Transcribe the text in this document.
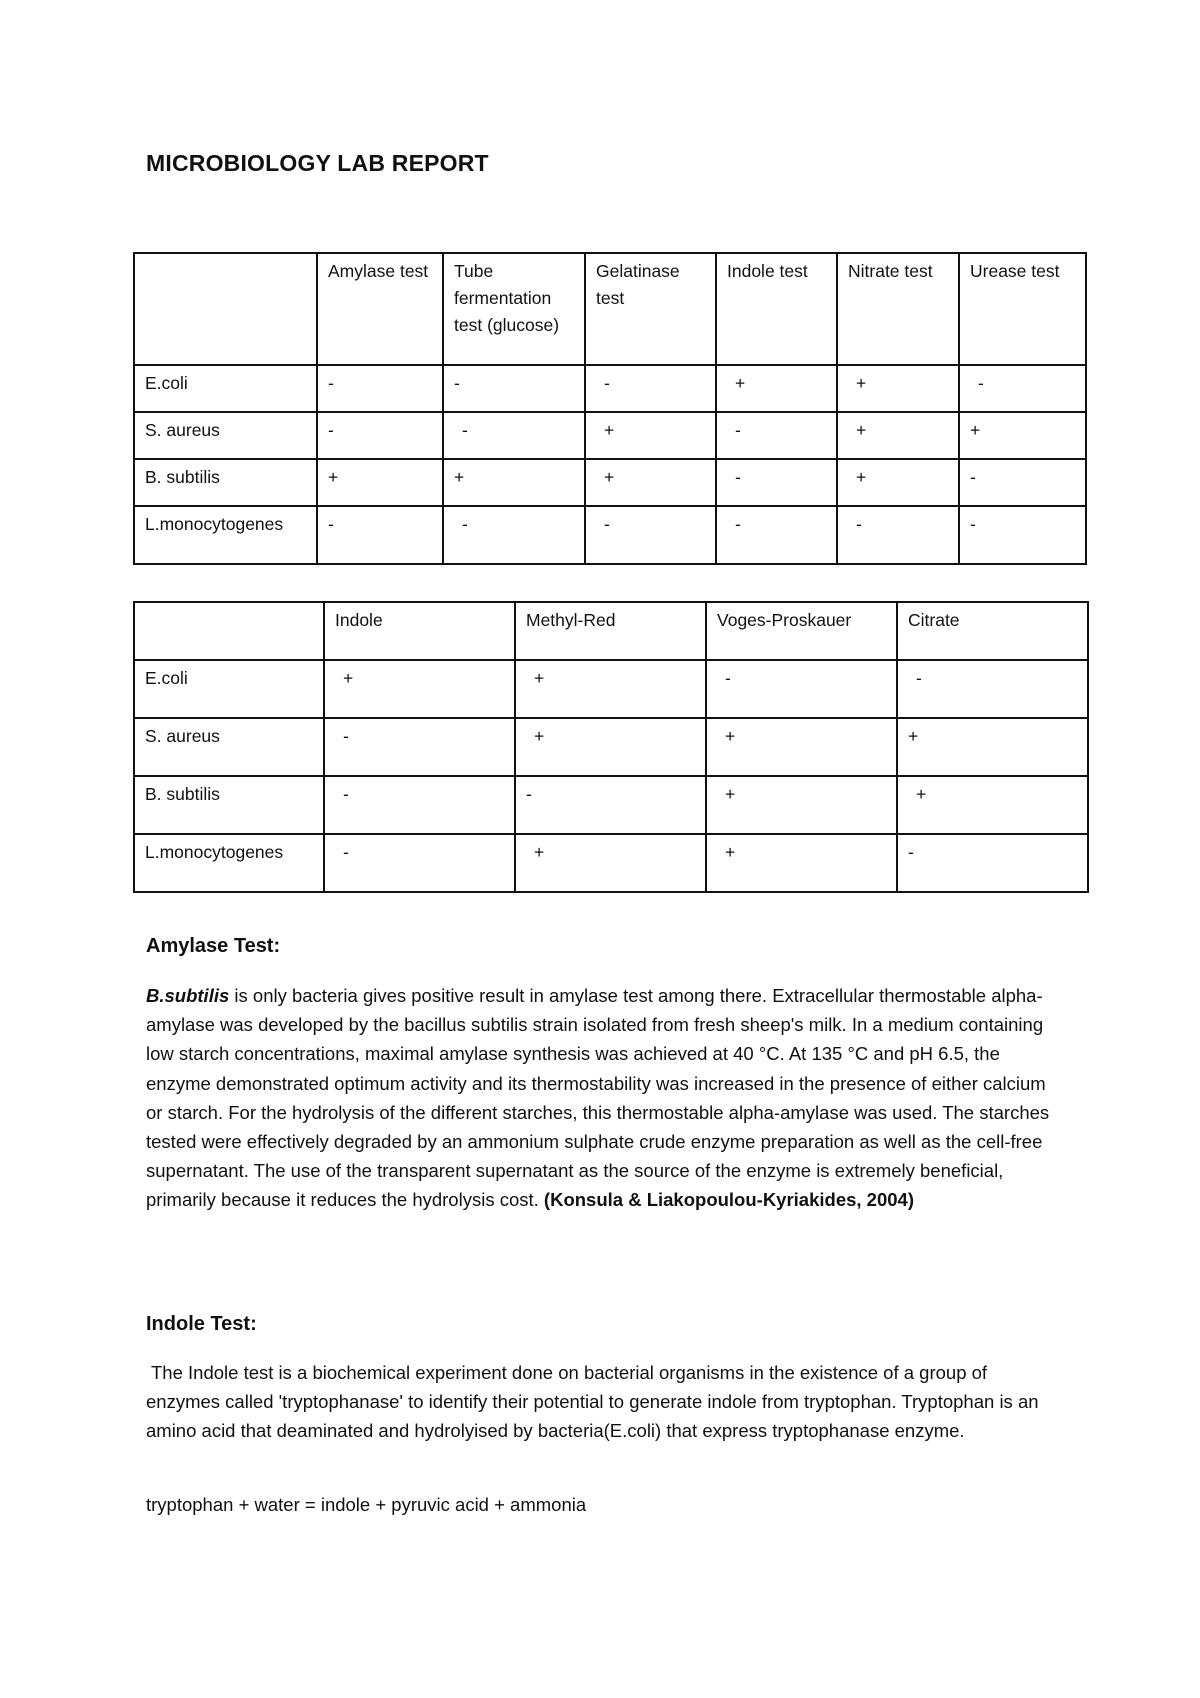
MICROBIOLOGY LAB REPORT
	Amylase test	Tube fermentation test (glucose)	Gelatinase test	Indole test	Nitrate test	Urease test
E.coli	-	-	-	+	+	-
S. aureus	-	-	+	-	+	+
B. subtilis	+	+	+	-	+	-
L.monocytogenes	-	-	-	-	-	-
	Indole	Methyl-Red	Voges-Proskauer	Citrate
E.coli	+	+	-	-
S. aureus	-	+	+	+
B. subtilis	-	-	+	+
L.monocytogenes	-	+	+	-
Amylase Test:

B.subtilis is only bacteria gives positive result in amylase test among there. Extracellular thermostable alpha-amylase was developed by the bacillus subtilis strain isolated from fresh sheep's milk. In a medium containing low starch concentrations, maximal amylase synthesis was achieved at 40 °C. At 135 °C and pH 6.5, the enzyme demonstrated optimum activity and its thermostability was increased in the presence of either calcium or starch. For the hydrolysis of the different starches, this thermostable alpha-amylase was used. The starches tested were effectively degraded by an ammonium sulphate crude enzyme preparation as well as the cell-free supernatant. The use of the transparent supernatant as the source of the enzyme is extremely beneficial, primarily because it reduces the hydrolysis cost. (Konsula & Liakopoulou-Kyriakides, 2004)

Indole Test:

The Indole test is a biochemical experiment done on bacterial organisms in the existence of a group of enzymes called 'tryptophanase' to identify their potential to generate indole from tryptophan. Tryptophan is an amino acid that deaminated and hydrolyised by bacteria(E.coli) that express tryptophanase enzyme.

tryptophan + water = indole + pyruvic acid + ammonia
